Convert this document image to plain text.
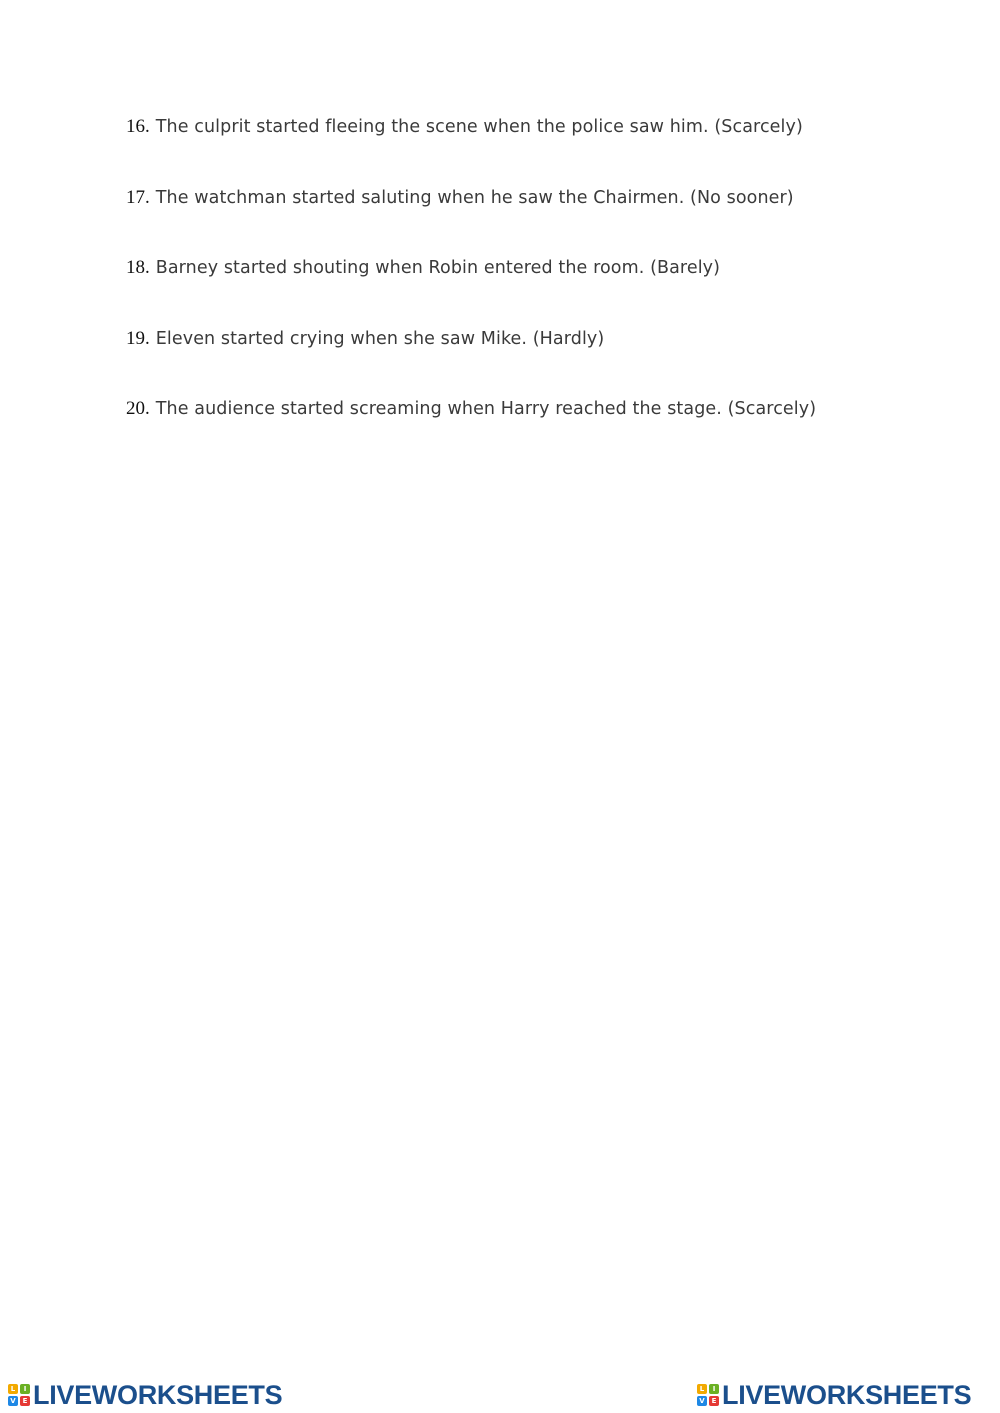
16. The culprit started fleeing the scene when the police saw him. (Scarcely)
17. The watchman started saluting when he saw the Chairmen. (No sooner)
18. Barney started shouting when Robin entered the room. (Barely)
19. Eleven started crying when she saw Mike. (Hardly)
20. The audience started screaming when Harry reached the stage. (Scarcely)
L	I
V E LIVEWORKSHEETS	L	I
V E LIVEWORKSHEETS
